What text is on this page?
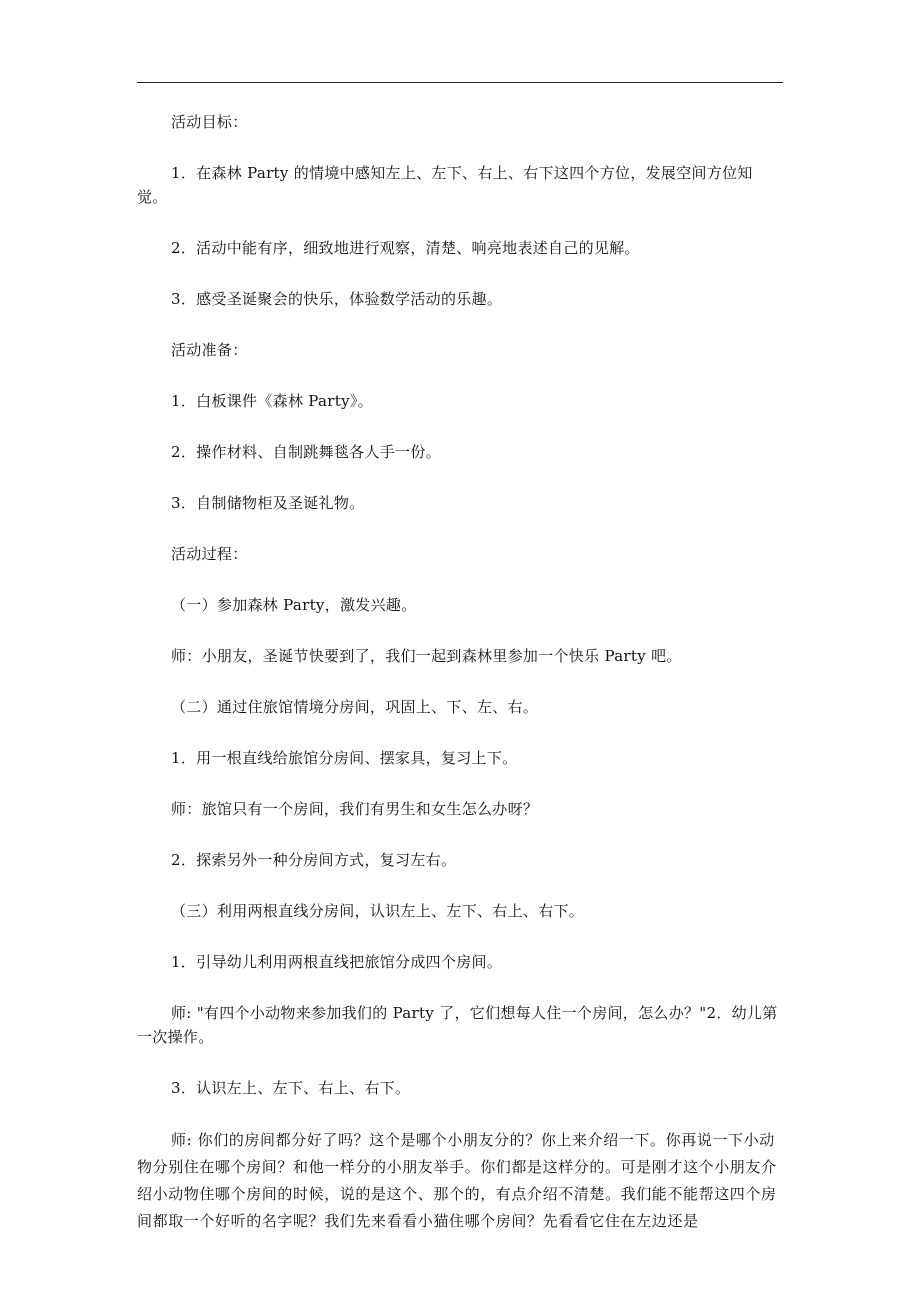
活动目标：

1．在森林 Party 的情境中感知左上、左下、右上、右下这四个方位，发展空间方位知觉。

2．活动中能有序，细致地进行观察，清楚、响亮地表述自己的见解。

3．感受圣诞聚会的快乐，体验数学活动的乐趣。

活动准备：

1．白板课件《森林 Party》。

2．操作材料、自制跳舞毯各人手一份。

3．自制储物柜及圣诞礼物。

活动过程：

（一）参加森林 Party，激发兴趣。

师：小朋友，圣诞节快要到了，我们一起到森林里参加一个快乐 Party 吧。

（二）通过住旅馆情境分房间，巩固上、下、左、右。

1．用一根直线给旅馆分房间、摆家具，复习上下。

师：旅馆只有一个房间，我们有男生和女生怎么办呀？

2．探索另外一种分房间方式，复习左右。

（三）利用两根直线分房间，认识左上、左下、右上、右下。

1．引导幼儿利用两根直线把旅馆分成四个房间。

师: "有四个小动物来参加我们的 Party 了，它们想每人住一个房间，怎么办？"2．幼儿第一次操作。

3．认识左上、左下、右上、右下。

师: 你们的房间都分好了吗？这个是哪个小朋友分的？你上来介绍一下。你再说一下小动物分别住在哪个房间？和他一样分的小朋友举手。你们都是这样分的。可是刚才这个小朋友介绍小动物住哪个房间的时候，说的是这个、那个的，有点介绍不清楚。我们能不能帮这四个房间都取一个好听的名字呢？我们先来看看小猫住哪个房间？先看看它住在左边还是
